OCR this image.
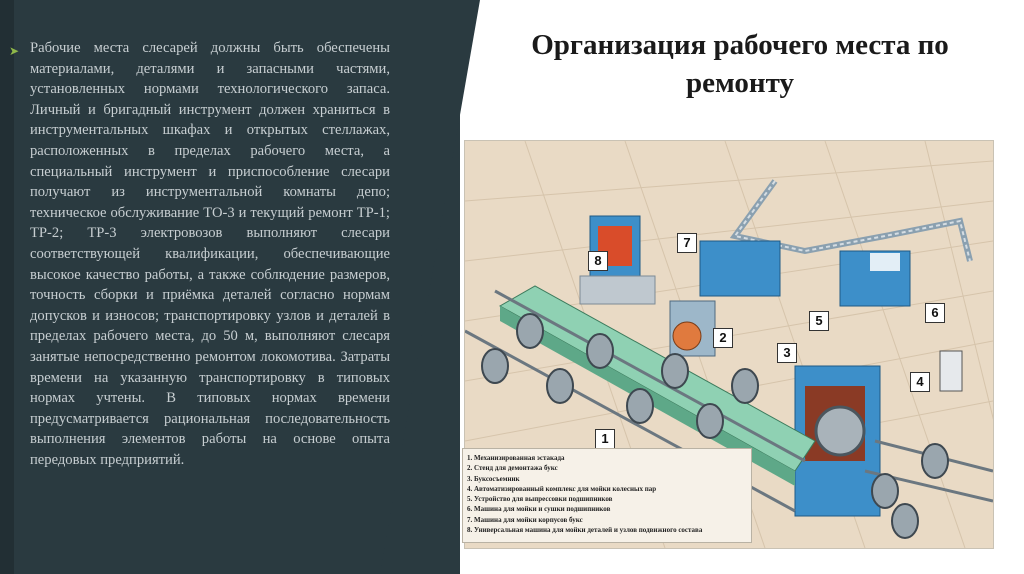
➤ Рабочие места слесарей должны быть обеспечены материалами, деталями и запасными частями, установленных нормами технологического запаса. Личный и бригадный инструмент должен храниться в инструментальных шкафах и открытых стеллажах, расположенных в пределах рабочего места, а специальный инструмент и приспособление слесари получают из инструментальной комнаты депо; техническое обслуживание ТО-3 и текущий ремонт ТР-1; ТР-2; ТР-3 электровозов выполняют слесари соответствующей квалификации, обеспечивающие высокое качество работы, а также соблюдение размеров, точность сборки и приёмка деталей согласно нормам допусков и износов; транспортировку узлов и деталей в пределах рабочего места, до 50 м, выполняют слесаря занятые непосредственно ремонтом локомотива. Затраты времени на указанную транспортировку в типовых нормах учтены. В типовых нормах времени предусматривается рациональная последовательность выполнения элементов работы на основе опыта передовых предприятий.

Организация рабочего места по ремонту
8
7
6
5
4
3
2
1
1. Механизированная эстакада
2. Стенд для демонтажа букс
3. Буксосъемник
4. Автоматизированный комплекс для мойки колесных пар
5. Устройство для выпрессовки подшипников
6. Машина для мойки и сушки подшипников
7. Машина для мойки корпусов букс
8. Универсальная машина для мойки деталей и узлов подвижного состава
